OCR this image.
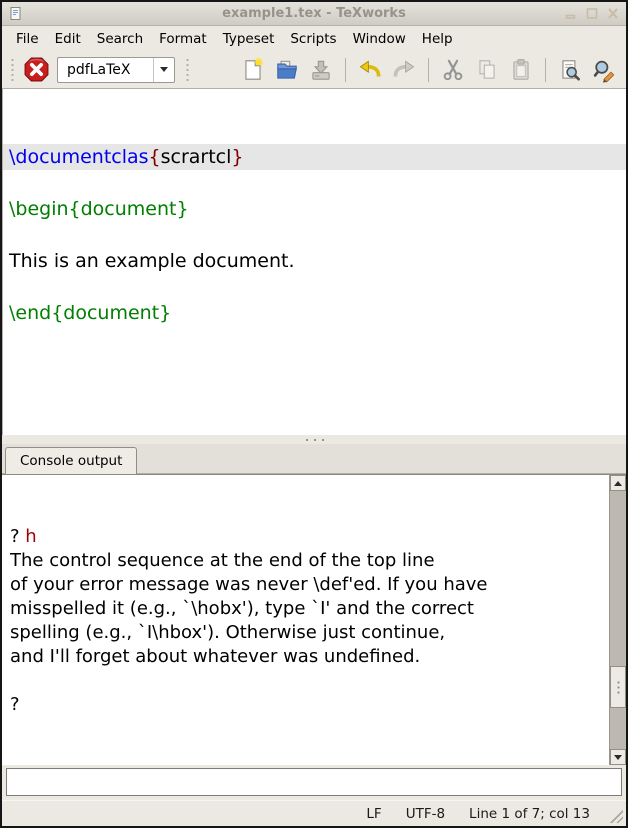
example1.tex - TeXworks
File	Edit	Search	Format	Typeset	Scripts	Window	Help
pdfLaTeX

\documentclas{scrartcl}

\begin{document}

This is an example document.

\end{document}

Console output

? h
The control sequence at the end of the top line
of your error message was never \def'ed. If you have
misspelled it (e.g., `\hobx'), type `I' and the correct
spelling (e.g., `I\hbox'). Otherwise just continue,
and I'll forget about whatever was undefined.

?

LF UTF-8 Line 1 of 7; col 13
